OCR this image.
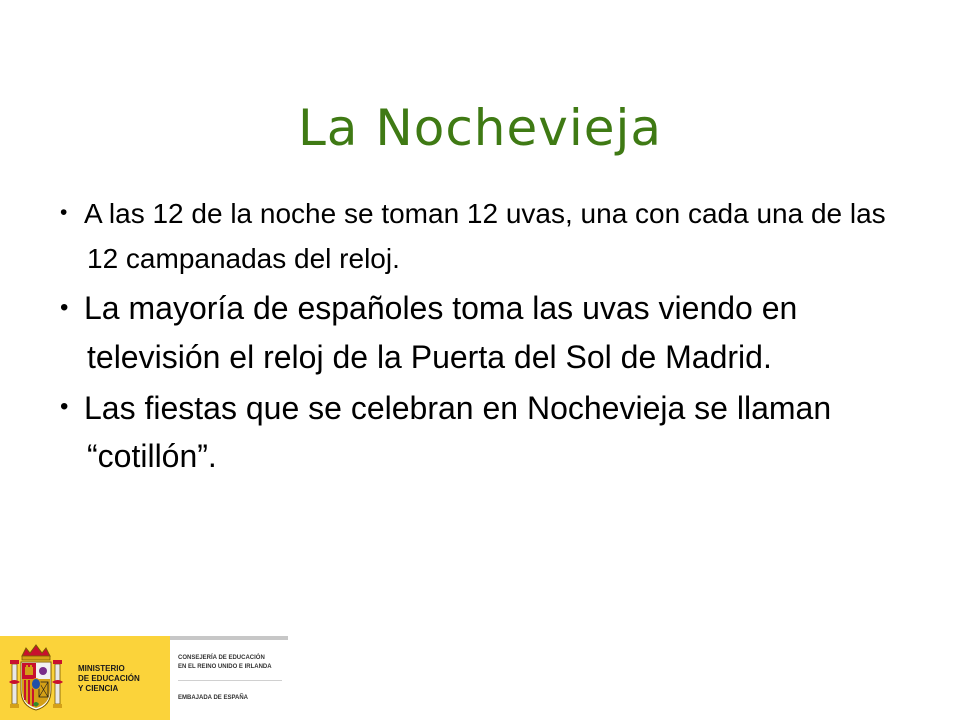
La Nochevieja
• A las 12 de la noche se toman 12 uvas, una con cada una de las 12 campanadas del reloj.
• La mayoría de españoles toma las uvas viendo en televisión el reloj de la Puerta del Sol de Madrid.
• Las fiestas que se celebran en Nochevieja se llaman “cotillón”.
MINISTERIO
DE EDUCACIÓN
Y CIENCIA
CONSEJERÍA DE EDUCACIÓN
EN EL REINO UNIDO E IRLANDA
EMBAJADA DE ESPAÑA
